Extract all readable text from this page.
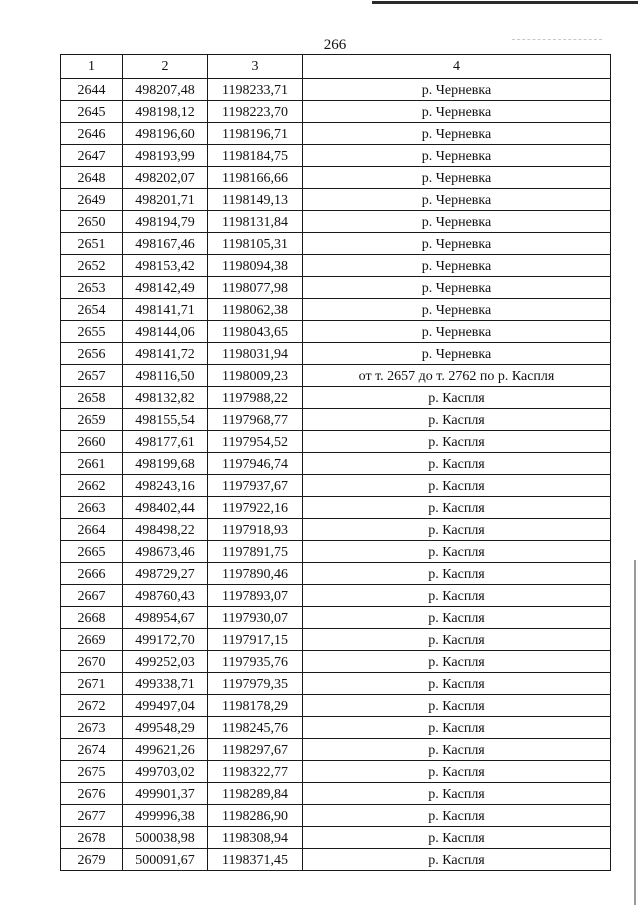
266
1	2	3	4
2644	498207,48	1198233,71	р. Черневка
2645	498198,12	1198223,70	р. Черневка
2646	498196,60	1198196,71	р. Черневка
2647	498193,99	1198184,75	р. Черневка
2648	498202,07	1198166,66	р. Черневка
2649	498201,71	1198149,13	р. Черневка
2650	498194,79	1198131,84	р. Черневка
2651	498167,46	1198105,31	р. Черневка
2652	498153,42	1198094,38	р. Черневка
2653	498142,49	1198077,98	р. Черневка
2654	498141,71	1198062,38	р. Черневка
2655	498144,06	1198043,65	р. Черневка
2656	498141,72	1198031,94	р. Черневка
2657	498116,50	1198009,23	от т. 2657 до т. 2762 по р. Каспля
2658	498132,82	1197988,22	р. Каспля
2659	498155,54	1197968,77	р. Каспля
2660	498177,61	1197954,52	р. Каспля
2661	498199,68	1197946,74	р. Каспля
2662	498243,16	1197937,67	р. Каспля
2663	498402,44	1197922,16	р. Каспля
2664	498498,22	1197918,93	р. Каспля
2665	498673,46	1197891,75	р. Каспля
2666	498729,27	1197890,46	р. Каспля
2667	498760,43	1197893,07	р. Каспля
2668	498954,67	1197930,07	р. Каспля
2669	499172,70	1197917,15	р. Каспля
2670	499252,03	1197935,76	р. Каспля
2671	499338,71	1197979,35	р. Каспля
2672	499497,04	1198178,29	р. Каспля
2673	499548,29	1198245,76	р. Каспля
2674	499621,26	1198297,67	р. Каспля
2675	499703,02	1198322,77	р. Каспля
2676	499901,37	1198289,84	р. Каспля
2677	499996,38	1198286,90	р. Каспля
2678	500038,98	1198308,94	р. Каспля
2679	500091,67	1198371,45	р. Каспля
